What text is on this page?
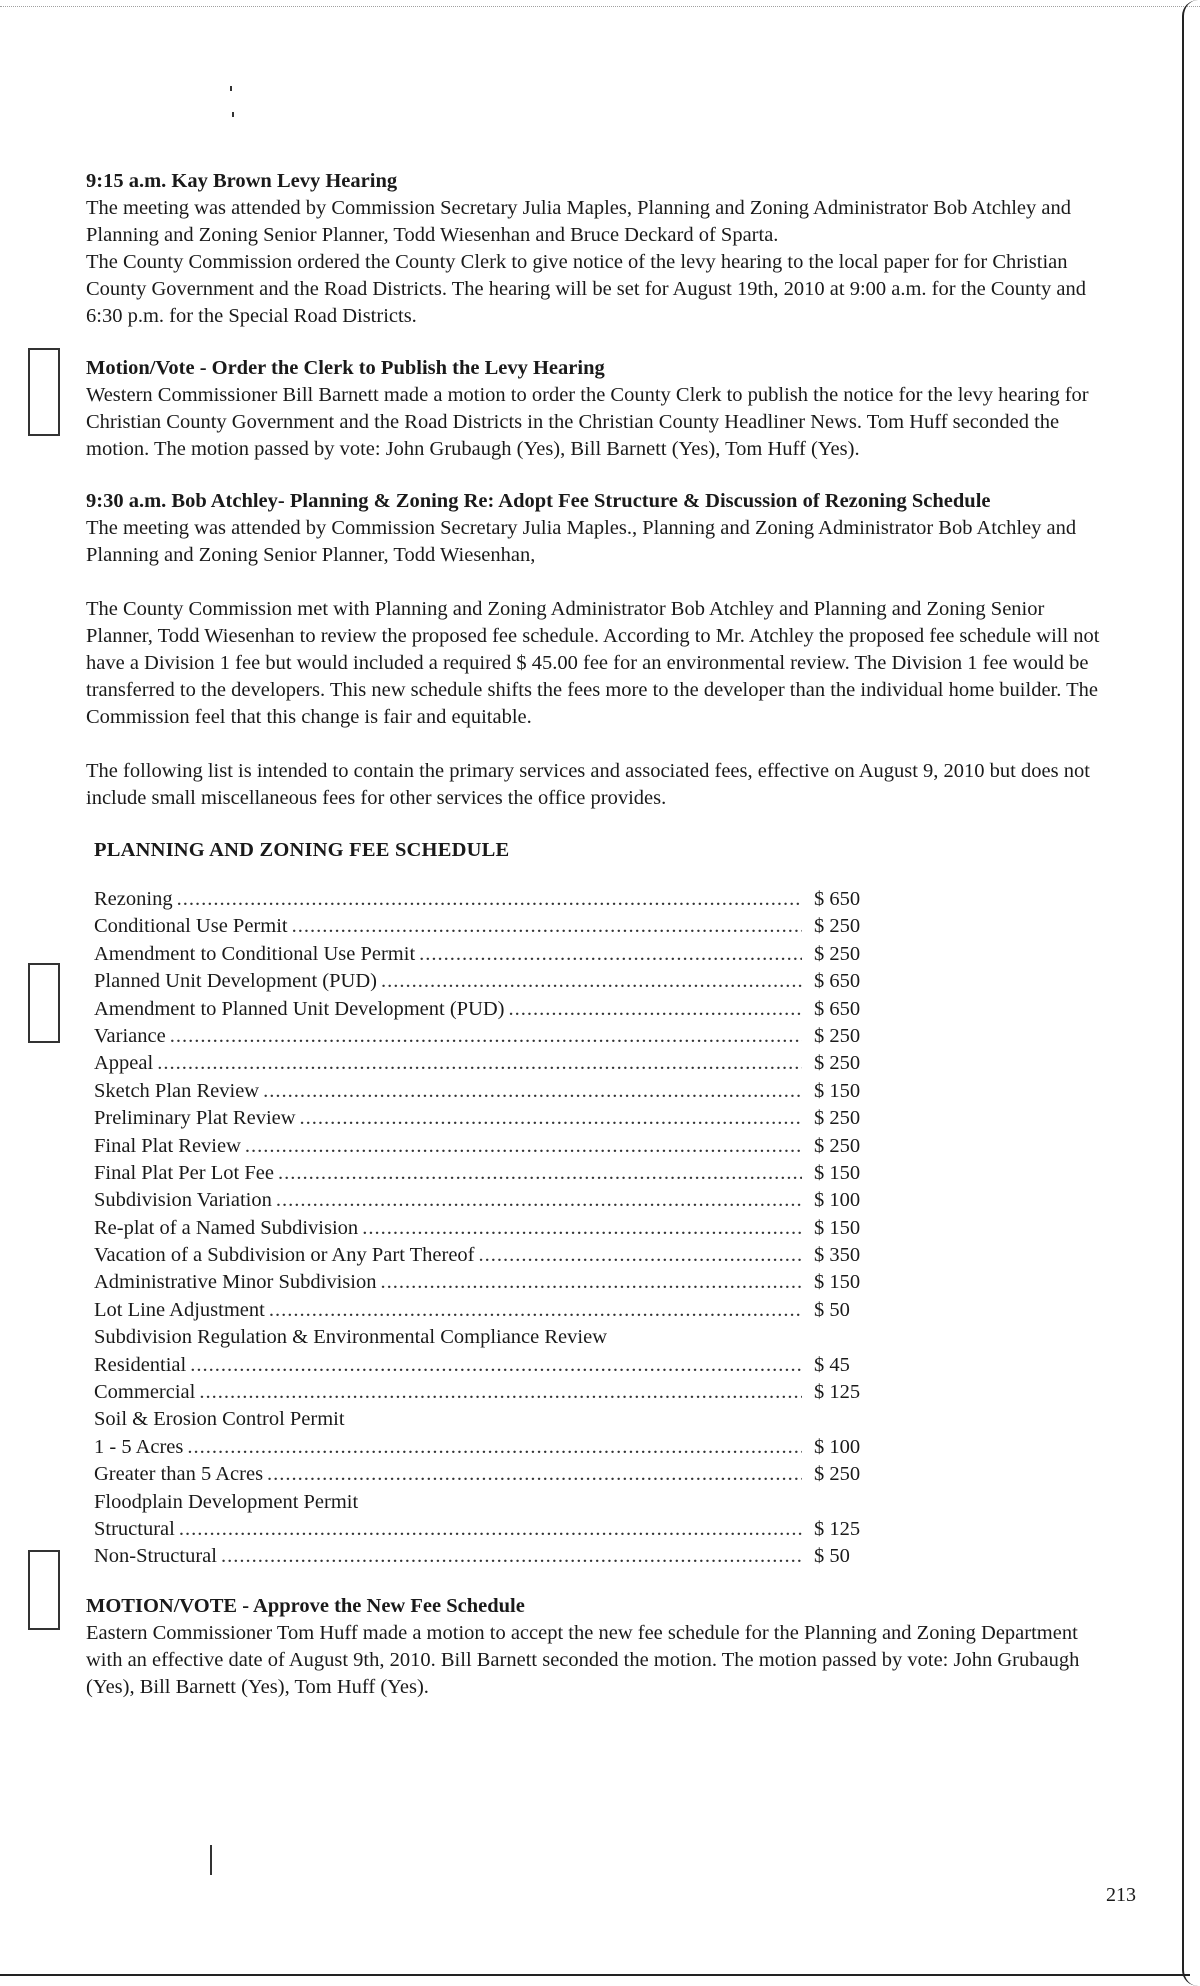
9:15 a.m. Kay Brown Levy Hearing

The meeting was attended by Commission Secretary Julia Maples, Planning and Zoning Administrator Bob Atchley and Planning and Zoning Senior Planner, Todd Wiesenhan and Bruce Deckard of Sparta.

The County Commission ordered the County Clerk to give notice of the levy hearing to the local paper for for Christian County Government and the Road Districts. The hearing will be set for August 19th, 2010 at 9:00 a.m. for the County and 6:30 p.m. for the Special Road Districts.

Motion/Vote - Order the Clerk to Publish the Levy Hearing

Western Commissioner Bill Barnett made a motion to order the County Clerk to publish the notice for the levy hearing for Christian County Government and the Road Districts in the Christian County Headliner News. Tom Huff seconded the motion. The motion passed by vote: John Grubaugh (Yes), Bill Barnett (Yes), Tom Huff (Yes).

9:30 a.m. Bob Atchley- Planning & Zoning Re: Adopt Fee Structure & Discussion of Rezoning Schedule

The meeting was attended by Commission Secretary Julia Maples., Planning and Zoning Administrator Bob Atchley and Planning and Zoning Senior Planner, Todd Wiesenhan,

The County Commission met with Planning and Zoning Administrator Bob Atchley and Planning and Zoning Senior Planner, Todd Wiesenhan to review the proposed fee schedule. According to Mr. Atchley the proposed fee schedule will not have a Division 1 fee but would included a required $ 45.00 fee for an environmental review. The Division 1 fee would be transferred to the developers. This new schedule shifts the fees more to the developer than the individual home builder. The Commission feel that this change is fair and equitable.

The following list is intended to contain the primary services and associated fees, effective on August 9, 2010 but does not include small miscellaneous fees for other services the office provides.

PLANNING AND ZONING FEE SCHEDULE
Rezoning .....	$ 650
Conditional Use Permit .....	$ 250
Amendment to Conditional Use Permit .....	$ 250
Planned Unit Development (PUD) .....	$ 650
Amendment to Planned Unit Development (PUD) .....	$ 650
Variance .....	$ 250
Appeal .....	$ 250
Sketch Plan Review .....	$ 150
Preliminary Plat Review .....	$ 250
Final Plat Review .....	$ 250
Final Plat Per Lot Fee .....	$ 150
Subdivision Variation .....	$ 100
Re-plat of a Named Subdivision .....	$ 150
Vacation of a Subdivision or Any Part Thereof .....	$ 350
Administrative Minor Subdivision .....	$ 150
Lot Line Adjustment .....	$ 50
Subdivision Regulation & Environmental Compliance Review
Residential .....	$ 45
Commercial .....	$ 125
Soil & Erosion Control Permit
1 - 5 Acres .....	$ 100
Greater than 5 Acres .....	$ 250
Floodplain Development Permit
Structural .....	$ 125
Non-Structural .....	$ 50
MOTION/VOTE - Approve the New Fee Schedule

Eastern Commissioner Tom Huff made a motion to accept the new fee schedule for the Planning and Zoning Department with an effective date of August 9th, 2010. Bill Barnett seconded the motion. The motion passed by vote: John Grubaugh (Yes), Bill Barnett (Yes), Tom Huff (Yes).

213
